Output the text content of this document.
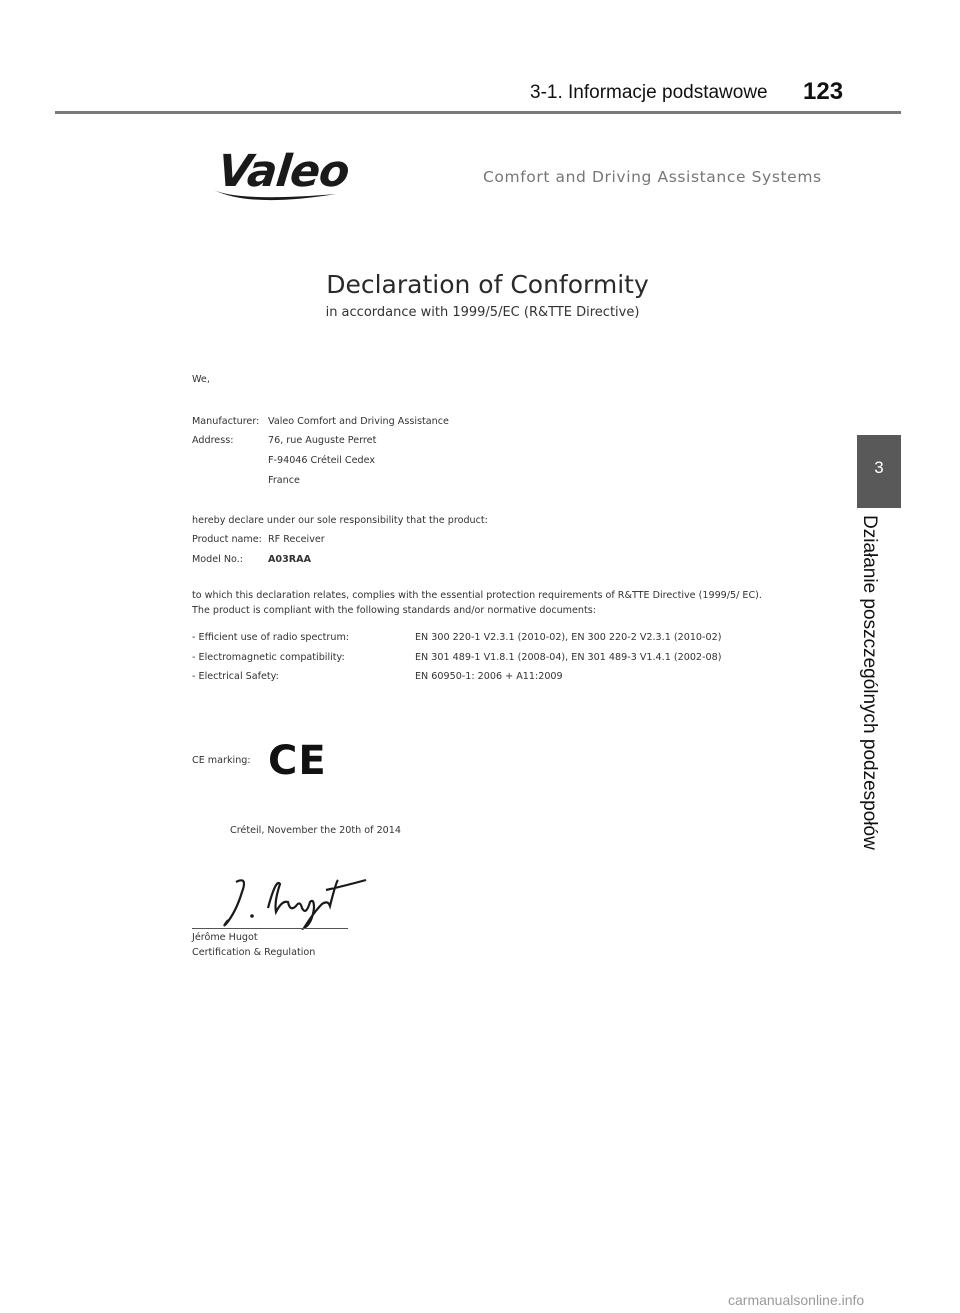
3-1. Informacje podstawowe 123
3
Działanie poszczególnych podzespołów
Valeo	Comfort and Driving Assistance Systems
Declaration of Conformity
in accordance with 1999/5/EC (R&TTE Directive)
We,
Manufacturer: Valeo Comfort and Driving Assistance
Address:	76, rue Auguste Perret
F-94046 Créteil Cedex
France
hereby declare under our sole responsibility that the product:
Product name: RF Receiver
Model No.:	A03RAA
to which this declaration relates, complies with the essential protection requirements of R&TTE Directive (1999/5/ EC).
The product is compliant with the following standards and/or normative documents:
- Efficient use of radio spectrum:	EN 300 220-1 V2.3.1 (2010-02), EN 300 220-2 V2.3.1 (2010-02)
- Electromagnetic compatibility:	EN 301 489-1 V1.8.1 (2008-04), EN 301 489-3 V1.4.1 (2002-08)
- Electrical Safety:	EN 60950-1: 2006 + A11:2009
CE marking: CE
Créteil, November the 20th of 2014
Jérôme Hugot
Certification & Regulation
carmanualsonline.info
